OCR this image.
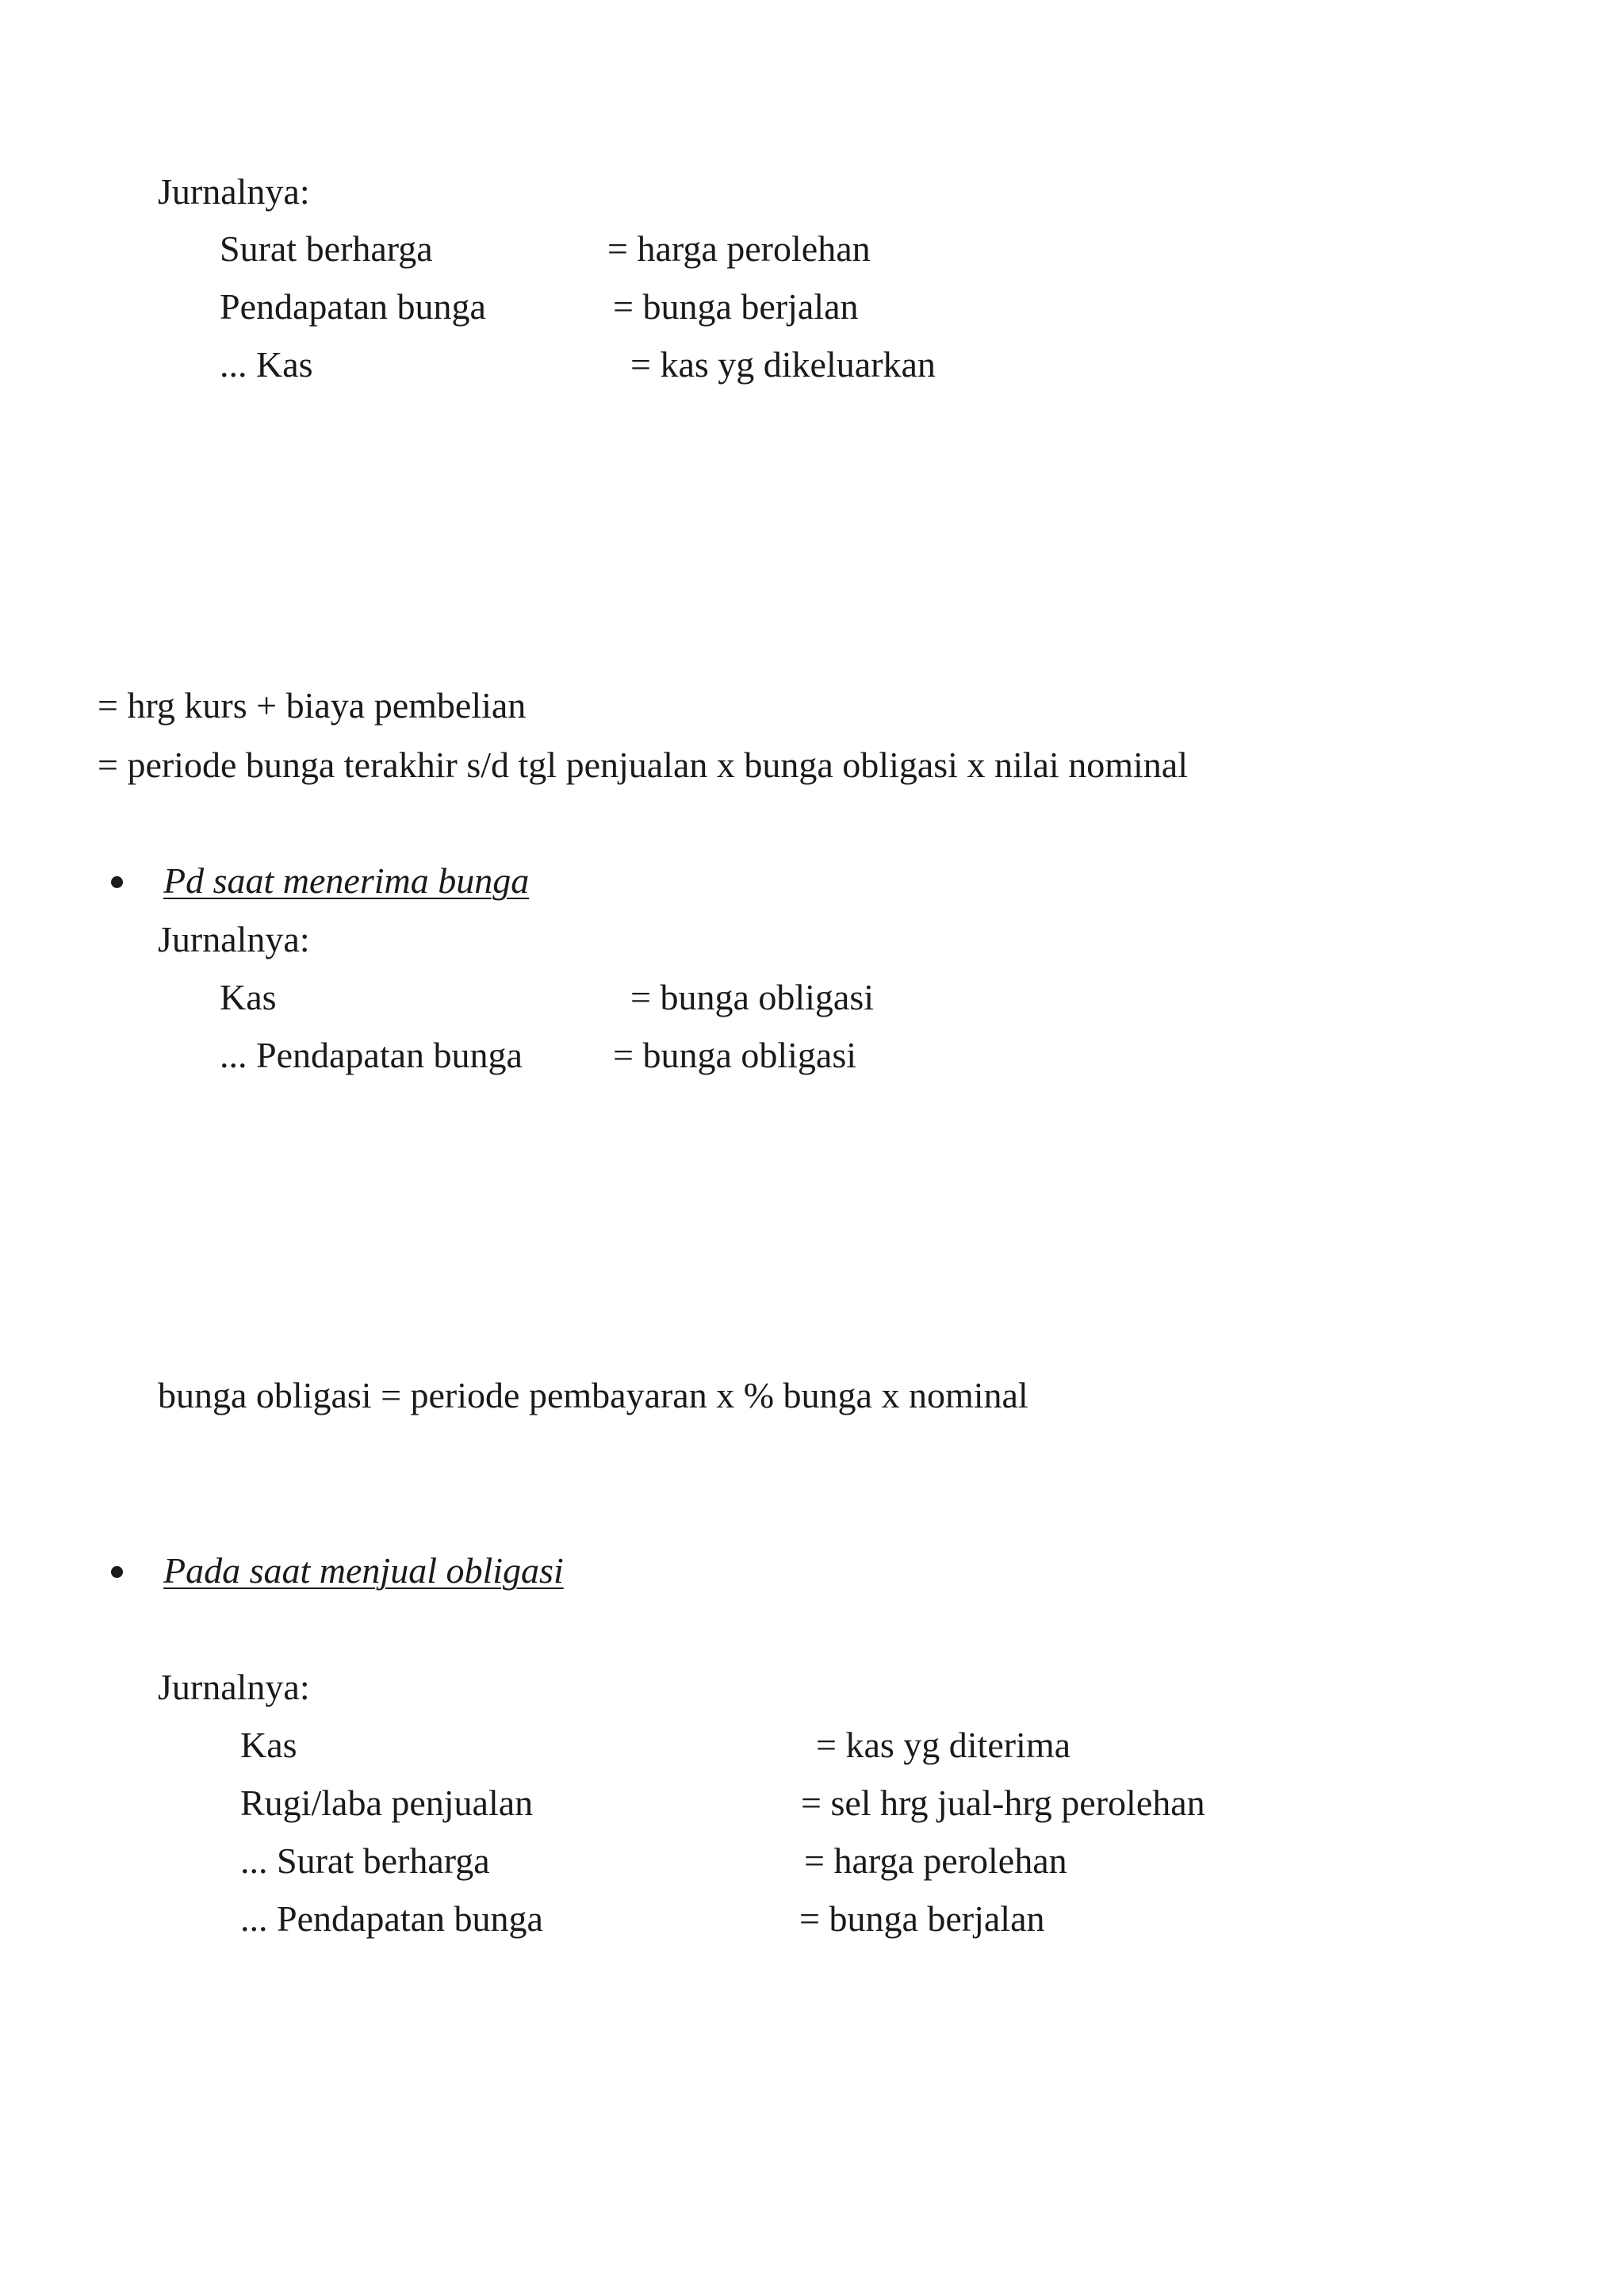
Jurnalnya:
Surat berharga	= harga perolehan
Pendapatan bunga	= bunga berjalan
... Kas	= kas yg dikeluarkan
= hrg kurs + biaya pembelian
= periode bunga terakhir s/d tgl penjualan x bunga obligasi x nilai nominal
Pd saat menerima bunga
Jurnalnya:
Kas	= bunga obligasi
... Pendapatan bunga = bunga obligasi
bunga obligasi = periode pembayaran x % bunga x nominal
Pada saat menjual obligasi
Jurnalnya:
Kas	= kas yg diterima
Rugi/laba penjualan	= sel hrg jual-hrg perolehan
... Surat berharga	= harga perolehan
... Pendapatan bunga	= bunga berjalan
